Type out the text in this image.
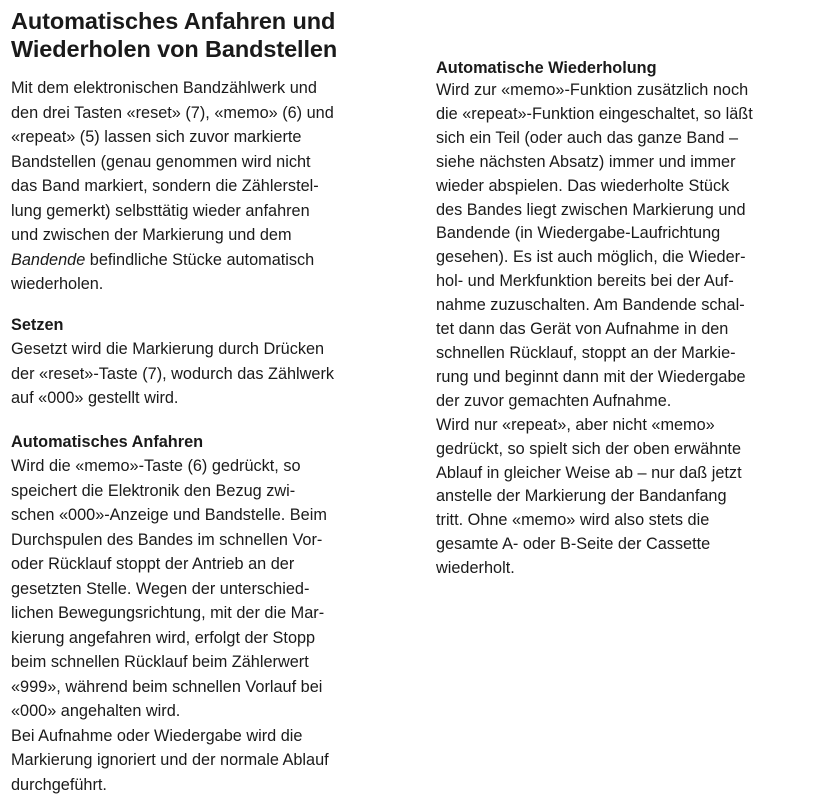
Automatisches Anfahren und
Wiederholen von Bandstellen

Mit dem elektronischen Bandzählwerk und
den drei Tasten «reset» (7), «memo» (6) und
«repeat» (5) lassen sich zuvor markierte
Bandstellen (genau genommen wird nicht
das Band markiert, sondern die Zählerstel-
lung gemerkt) selbsttätig wieder anfahren
und zwischen der Markierung und dem
Bandende befindliche Stücke automatisch
wiederholen.

Setzen
Gesetzt wird die Markierung durch Drücken
der «reset»-Taste (7), wodurch das Zählwerk
auf «000» gestellt wird.
Automatisches Anfahren
Wird die «memo»-Taste (6) gedrückt, so
speichert die Elektronik den Bezug zwi-
schen «000»-Anzeige und Bandstelle. Beim
Durchspulen des Bandes im schnellen Vor-
oder Rücklauf stoppt der Antrieb an der
gesetzten Stelle. Wegen der unterschied-
lichen Bewegungsrichtung, mit der die Mar-
kierung angefahren wird, erfolgt der Stopp
beim schnellen Rücklauf beim Zählerwert
«999», während beim schnellen Vorlauf bei
«000» angehalten wird.
Bei Aufnahme oder Wiedergabe wird die
Markierung ignoriert und der normale Ablauf
durchgeführt.
Automatische Wiederholung
Wird zur «memo»-Funktion zusätzlich noch
die «repeat»-Funktion eingeschaltet, so läßt
sich ein Teil (oder auch das ganze Band –
siehe nächsten Absatz) immer und immer
wieder abspielen. Das wiederholte Stück
des Bandes liegt zwischen Markierung und
Bandende (in Wiedergabe-Laufrichtung
gesehen). Es ist auch möglich, die Wieder-
hol- und Merkfunktion bereits bei der Auf-
nahme zuzuschalten. Am Bandende schal-
tet dann das Gerät von Aufnahme in den
schnellen Rücklauf, stoppt an der Markie-
rung und beginnt dann mit der Wiedergabe
der zuvor gemachten Aufnahme.
Wird nur «repeat», aber nicht «memo»
gedrückt, so spielt sich der oben erwähnte
Ablauf in gleicher Weise ab – nur daß jetzt
anstelle der Markierung der Bandanfang
tritt. Ohne «memo» wird also stets die
gesamte A- oder B-Seite der Cassette
wiederholt.
